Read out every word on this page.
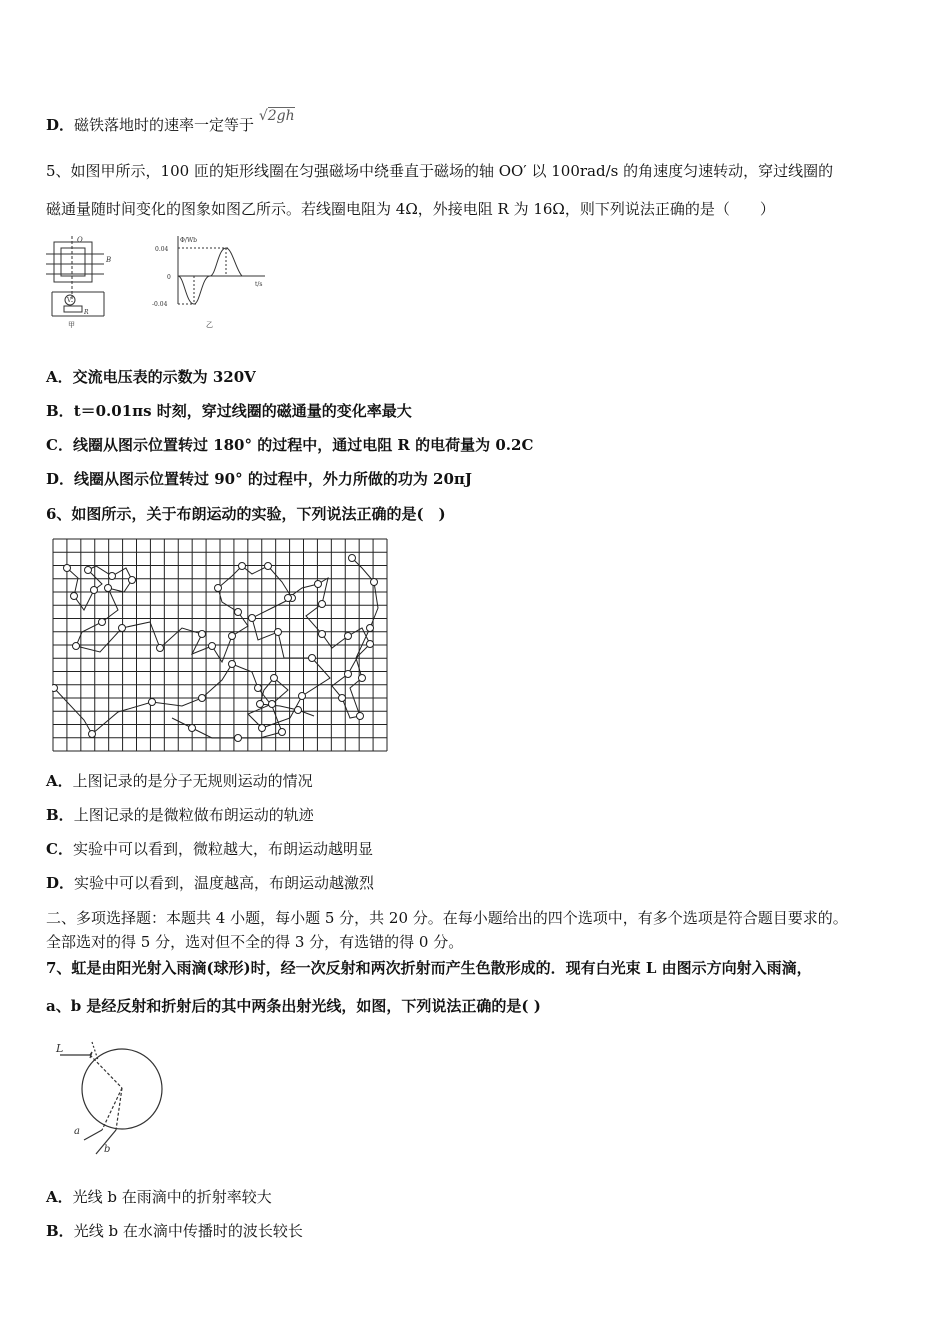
D．磁铁落地时的速率一定等于 √2gh
5、如图甲所示，100 匝的矩形线圈在匀强磁场中绕垂直于磁场的轴 OO′ 以 100rad/s 的角速度匀速转动，穿过线圈的
磁通量随时间变化的图象如图乙所示。若线圈电阻为 4Ω，外接电阻 R 为 16Ω，则下列说法正确的是（　　）
O
B
V
R
甲
Φ/Wb
t/s
0.04
0
-0.04
乙
A．交流电压表的示数为 320V
B．t＝0.01πs 时刻，穿过线圈的磁通量的变化率最大
C．线圈从图示位置转过 180° 的过程中，通过电阻 R 的电荷量为 0.2C
D．线圈从图示位置转过 90° 的过程中，外力所做的功为 20πJ
6、如图所示，关于布朗运动的实验，下列说法正确的是(　)
A．上图记录的是分子无规则运动的情况
B．上图记录的是微粒做布朗运动的轨迹
C．实验中可以看到，微粒越大，布朗运动越明显
D．实验中可以看到，温度越高，布朗运动越激烈
二、多项选择题：本题共 4 小题，每小题 5 分，共 20 分。在每小题给出的四个选项中，有多个选项是符合题目要求的。
全部选对的得 5 分，选对但不全的得 3 分，有选错的得 0 分。
7、虹是由阳光射入雨滴(球形)时，经一次反射和两次折射而产生色散形成的．现有白光束 L 由图示方向射入雨滴，
a、b 是经反射和折射后的其中两条出射光线，如图，下列说法正确的是( )
L
a
b
A．光线 b 在雨滴中的折射率较大
B．光线 b 在水滴中传播时的波长较长
